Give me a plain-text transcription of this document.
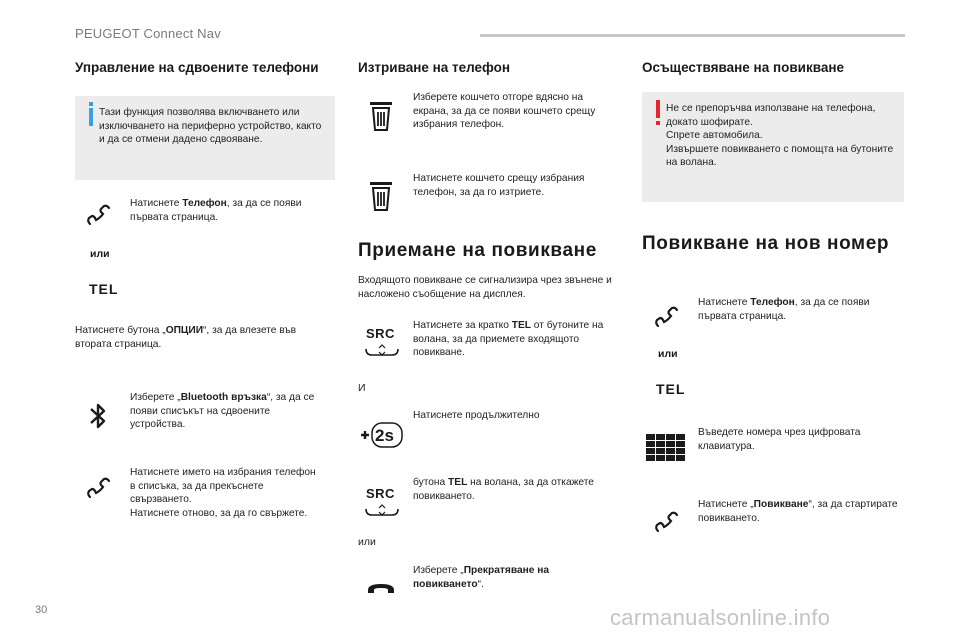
PEUGEOT Connect Nav
Управление на сдвоените телефони
Тази функция позволява включването или изключването на периферно устройство, както и да се отмени дадено сдвояване.
Натиснете Телефон, за да се появи първата страница.
или
TEL
Натиснете бутона „ОПЦИИ“, за да влезете във втората страница.
Изберете „Bluetooth връзка“, за да се появи списъкът на сдвоените устройства.
Натиснете името на избрания телефон в списъка, за да прекъснете свързването.
Натиснете отново, за да го свържете.
Изтриване на телефон
Изберете кошчето отгоре вдясно на екрана, за да се появи кошчето срещу избрания телефон.
Натиснете кошчето срещу избрания телефон, за да го изтриете.
Приемане на повикване
Входящото повикване се сигнализира чрез звънене и насложено съобщение на дисплея.
SRC
Натиснете за кратко TEL от бутоните на волана, за да приемете входящото повикване.
И
2s
Натиснете продължително
SRC
бутона TEL на волана, за да откажете повикването.
или
Изберете „Прекратяване на повикването“.
Осъществяване на повикване
Не се препоръчва използване на телефона, докато шофирате.
Спрете автомобила.
Извършете повикването с помощта на бутоните на волана.
Повикване на нов номер
Натиснете Телефон, за да се появи първата страница.
или
TEL
Въведете номера чрез цифровата клавиатура.
Натиснете „Повикване“, за да стартирате повикването.
30	carmanualsonline.info
